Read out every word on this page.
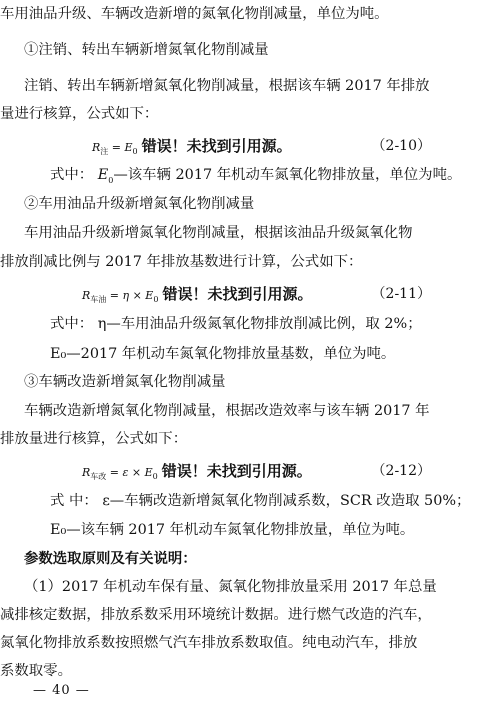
车用油品升级、车辆改造新增的氮氧化物削减量，单位为吨。
①注销、转出车辆新增氮氧化物削减量
注销、转出车辆新增氮氧化物削减量，根据该车辆 2017 年排放
量进行核算，公式如下：
$R_注 = E_0$ 错误！未找到引用源。	（2-10）
式中： $E_0—$该车辆 2017 年机动车氮氧化物排放量，单位为吨。
②车用油品升级新增氮氧化物削减量
车用油品升级新增氮氧化物削减量，根据该油品升级氮氧化物
排放削减比例与 2017 年排放基数进行计算，公式如下：
$R_{车油} = \eta \times E_0$ 错误！未找到引用源。	（2-11）
式中： η—车用油品升级氮氧化物排放削减比例，取 2%；
E₀—2017 年机动车氮氧化物排放量基数，单位为吨。
③车辆改造新增氮氧化物削减量
车辆改造新增氮氧化物削减量，根据改造效率与该车辆 2017 年
排放量进行核算，公式如下：
$R_{车改} = \varepsilon \times E_0$ 错误！未找到引用源。	（2-12）
式 中： ε—车辆改造新增氮氧化物削减系数，SCR 改造取 50%；
E₀—该车辆 2017 年机动车氮氧化物排放量，单位为吨。
参数选取原则及有关说明：
（1）2017 年机动车保有量、氮氧化物排放量采用 2017 年总量
减排核定数据，排放系数采用环境统计数据。进行燃气改造的汽车，
氮氧化物排放系数按照燃气汽车排放系数取值。纯电动汽车，排放
系数取零。
— 40 —
